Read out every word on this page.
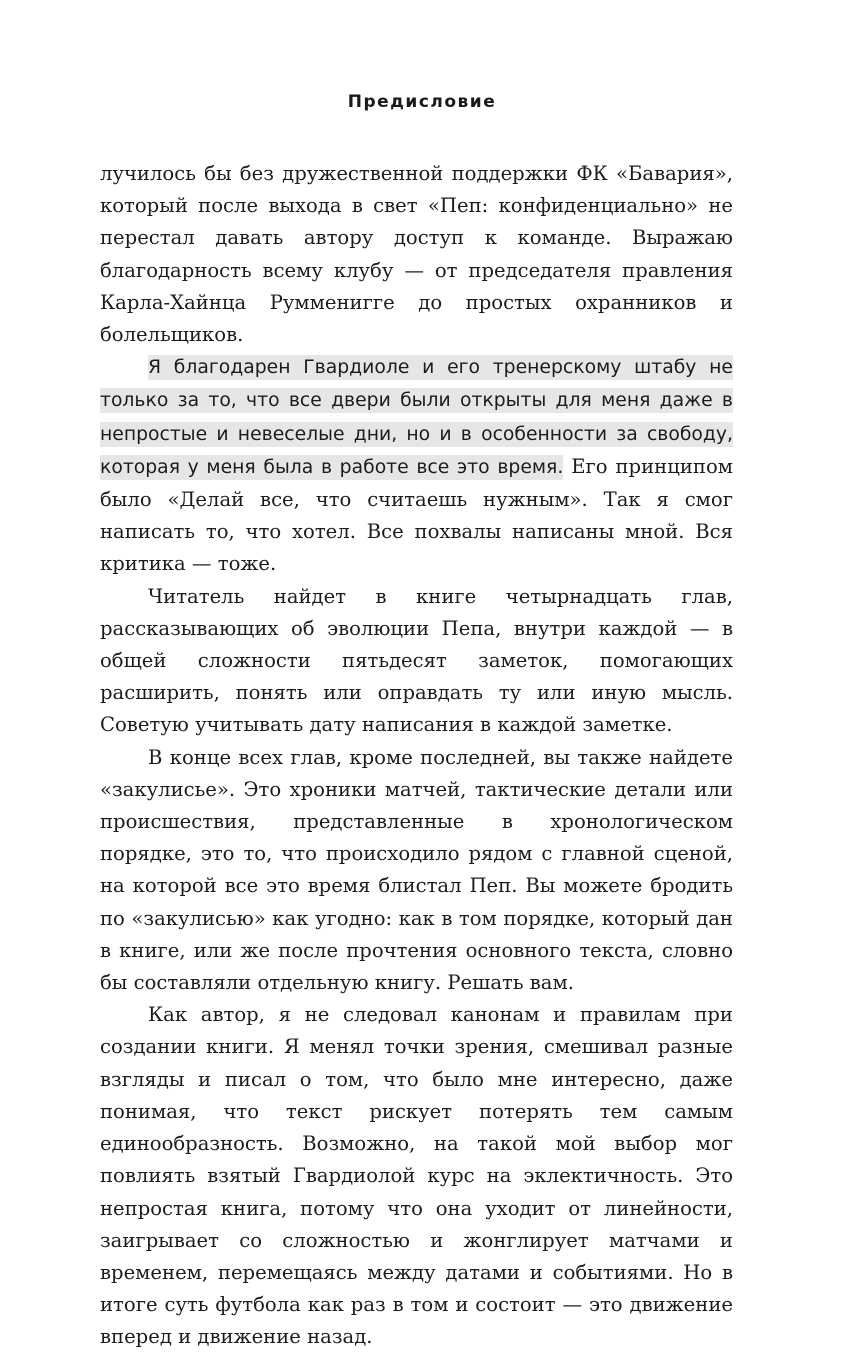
Предисловие

лучилось бы без дружественной поддержки ФК «Бавария», который после выхода в свет «Пеп: конфиденциально» не перестал давать автору доступ к команде. Выражаю благодарность всему клубу — от председателя правления Карла-Хайнца Румменигге до простых охранников и болельщиков.

Я благодарен Гвардиоле и его тренерскому штабу не только за то, что все двери были открыты для меня даже в непростые и невеселые дни, но и в особенности за свободу, которая у меня была в работе все это время. Его принципом было «Делай все, что считаешь нужным». Так я смог написать то, что хотел. Все похвалы написаны мной. Вся критика — тоже.

Читатель найдет в книге четырнадцать глав, рассказывающих об эволюции Пепа, внутри каждой — в общей сложности пятьдесят заметок, помогающих расширить, понять или оправдать ту или иную мысль. Советую учитывать дату написания в каждой заметке.

В конце всех глав, кроме последней, вы также найдете «закулисье». Это хроники матчей, тактические детали или происшествия, представленные в хронологическом порядке, это то, что происходило рядом с главной сценой, на которой все это время блистал Пеп. Вы можете бродить по «закулисью» как угодно: как в том порядке, который дан в книге, или же после прочтения основного текста, словно бы составляли отдельную книгу. Решать вам.

Как автор, я не следовал канонам и правилам при создании книги. Я менял точки зрения, смешивал разные взгляды и писал о том, что было мне интересно, даже понимая, что текст рискует потерять тем самым единообразность. Возможно, на такой мой выбор мог повлиять взятый Гвардиолой курс на эклектичность. Это непростая книга, потому что она уходит от линейности, заигрывает со сложностью и жонглирует матчами и временем, перемещаясь между датами и событиями. Но в итоге суть футбола как раз в том и состоит — это движение вперед и движение назад.
